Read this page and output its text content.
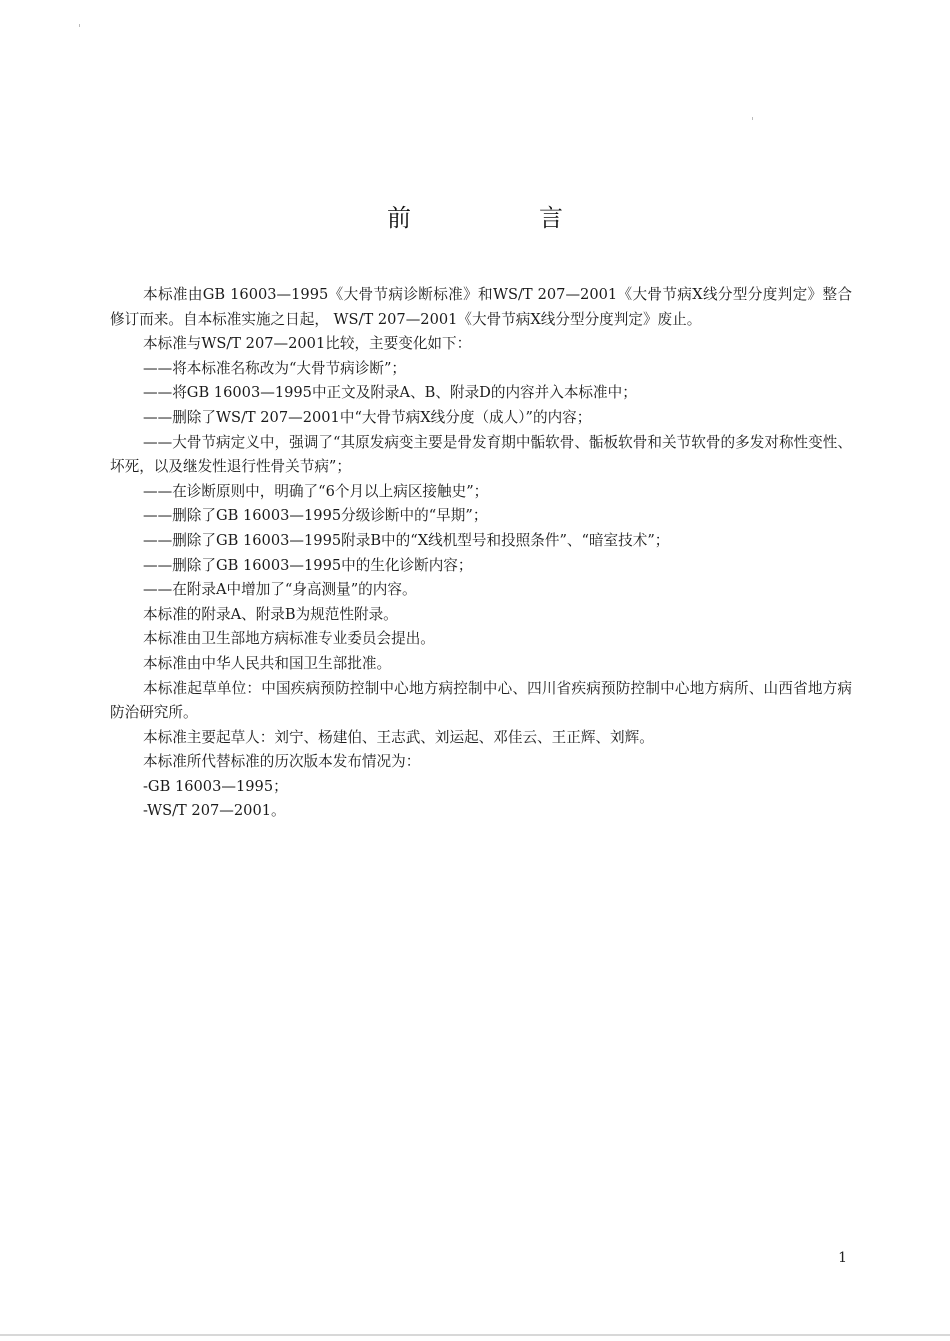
前　言

本标准由GB 16003—1995《大骨节病诊断标准》和WS/T 207—2001《大骨节病X线分型分度判定》整合修订而来。自本标准实施之日起， WS/T 207—2001《大骨节病X线分型分度判定》废止。

本标准与WS/T 207—2001比较，主要变化如下：

——将本标准名称改为“大骨节病诊断”；

——将GB 16003—1995中正文及附录A、B、附录D的内容并入本标准中；

——删除了WS/T 207—2001中“大骨节病X线分度（成人）”的内容；

——大骨节病定义中，强调了“其原发病变主要是骨发育期中骺软骨、骺板软骨和关节软骨的多发对称性变性、坏死，以及继发性退行性骨关节病”；

——在诊断原则中，明确了“6个月以上病区接触史”；

——删除了GB 16003—1995分级诊断中的“早期”；

——删除了GB 16003—1995附录B中的“X线机型号和投照条件”、“暗室技术”；

——删除了GB 16003—1995中的生化诊断内容；

——在附录A中增加了“身高测量”的内容。

本标准的附录A、附录B为规范性附录。

本标准由卫生部地方病标准专业委员会提出。

本标准由中华人民共和国卫生部批准。

本标准起草单位：中国疾病预防控制中心地方病控制中心、四川省疾病预防控制中心地方病所、山西省地方病防治研究所。

本标准主要起草人：刘宁、杨建伯、王志武、刘运起、邓佳云、王正辉、刘辉。

本标准所代替标准的历次版本发布情况为：

-GB 16003—1995；

-WS/T 207—2001。

1
